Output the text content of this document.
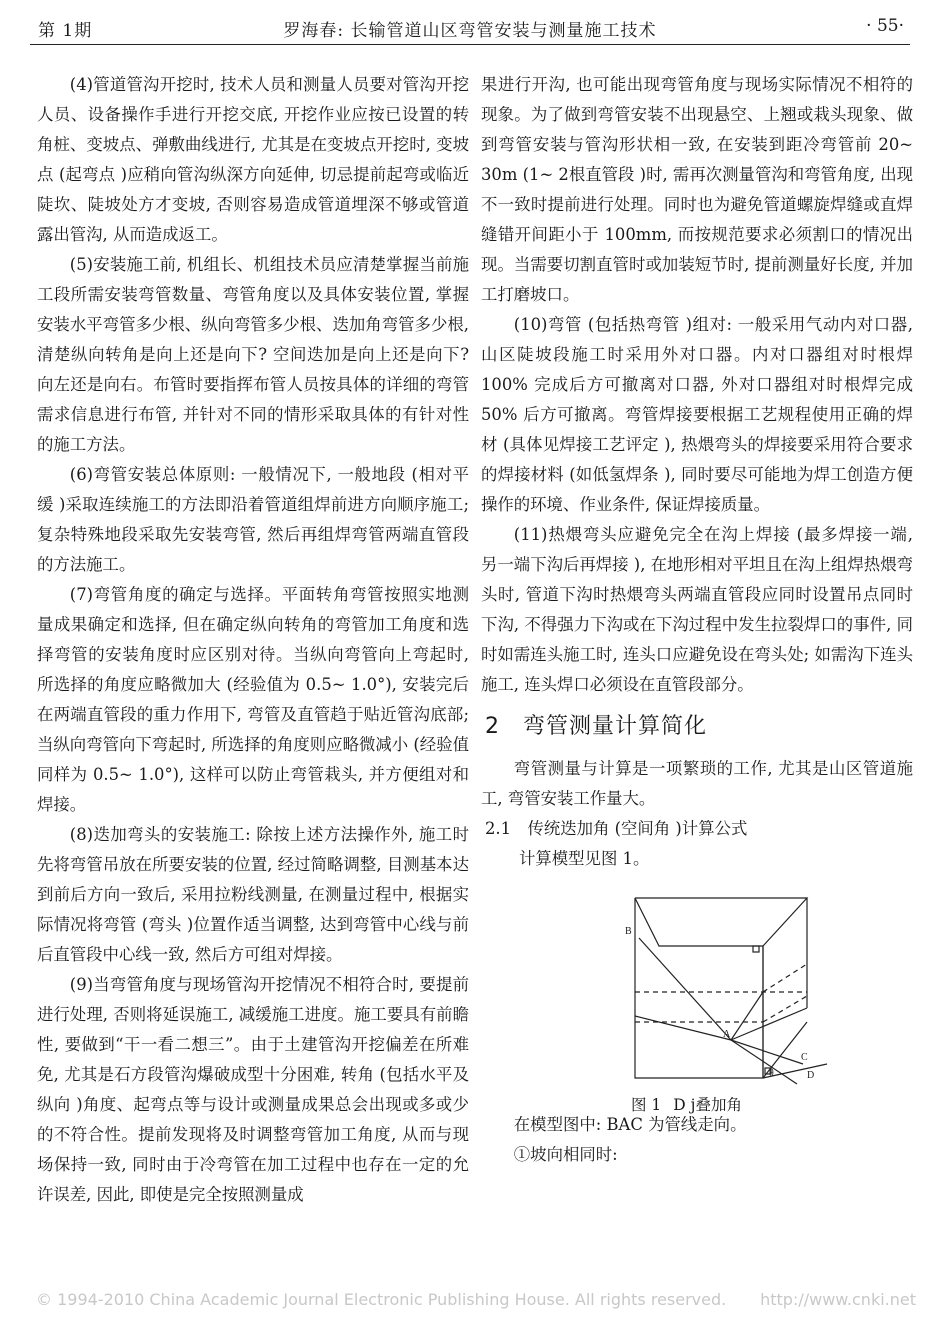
第 1期	罗海春: 长输管道山区弯管安装与测量施工技术	· 55·

(4)管道管沟开挖时, 技术人员和测量人员要对管沟开挖人员、设备操作手进行开挖交底, 开挖作业应按已设置的转角桩、变坡点、弹敷曲线进行, 尤其是在变坡点开挖时, 变坡点 (起弯点 )应稍向管沟纵深方向延伸, 切忌提前起弯或临近陡坎、陡坡处方才变坡, 否则容易造成管道埋深不够或管道露出管沟, 从而造成返工。

(5)安装施工前, 机组长、机组技术员应清楚掌握当前施工段所需安装弯管数量、弯管角度以及具体安装位置, 掌握安装水平弯管多少根、纵向弯管多少根、迭加角弯管多少根, 清楚纵向转角是向上还是向下? 空间迭加是向上还是向下? 向左还是向右。布管时要指挥布管人员按具体的详细的弯管需求信息进行布管, 并针对不同的情形采取具体的有针对性的施工方法。

(6)弯管安装总体原则: 一般情况下, 一般地段 (相对平缓 )采取连续施工的方法即沿着管道组焊前进方向顺序施工; 复杂特殊地段采取先安装弯管, 然后再组焊弯管两端直管段的方法施工。

(7)弯管角度的确定与选择。平面转角弯管按照实地测量成果确定和选择, 但在确定纵向转角的弯管加工角度和选择弯管的安装角度时应区别对待。当纵向弯管向上弯起时, 所选择的角度应略微加大 (经验值为 0.5~ 1.0°), 安装完后在两端直管段的重力作用下, 弯管及直管趋于贴近管沟底部; 当纵向弯管向下弯起时, 所选择的角度则应略微减小 (经验值同样为 0.5~ 1.0°), 这样可以防止弯管栽头, 并方便组对和焊接。

(8)迭加弯头的安装施工: 除按上述方法操作外, 施工时先将弯管吊放在所要安装的位置, 经过简略调整, 目测基本达到前后方向一致后, 采用拉粉线测量, 在测量过程中, 根据实际情况将弯管 (弯头 )位置作适当调整, 达到弯管中心线与前后直管段中心线一致, 然后方可组对焊接。

(9)当弯管角度与现场管沟开挖情况不相符合时, 要提前进行处理, 否则将延误施工, 减缓施工进度。施工要具有前瞻性, 要做到“干一看二想三”。由于土建管沟开挖偏差在所难免, 尤其是石方段管沟爆破成型十分困难, 转角 (包括水平及纵向 )角度、起弯点等与设计或测量成果总会出现或多或少的不符合性。提前发现将及时调整弯管加工角度, 从而与现场保持一致, 同时由于冷弯管在加工过程中也存在一定的允许误差, 因此, 即使是完全按照测量成

果进行开沟, 也可能出现弯管角度与现场实际情况不相符的现象。为了做到弯管安装不出现悬空、上翘或栽头现象、做到弯管安装与管沟形状相一致, 在安装到距冷弯管前 20~ 30m (1~ 2根直管段 )时, 需再次测量管沟和弯管角度, 出现不一致时提前进行处理。同时也为避免管道螺旋焊缝或直焊缝错开间距小于 100mm, 而按规范要求必须割口的情况出现。当需要切割直管时或加装短节时, 提前测量好长度, 并加工打磨坡口。

(10)弯管 (包括热弯管 )组对: 一般采用气动内对口器, 山区陡坡段施工时采用外对口器。内对口器组对时根焊 100% 完成后方可撤离对口器, 外对口器组对时根焊完成 50% 后方可撤离。弯管焊接要根据工艺规程使用正确的焊材 (具体见焊接工艺评定 ), 热煨弯头的焊接要采用符合要求的焊接材料 (如低氢焊条 ), 同时要尽可能地为焊工创造方便操作的环境、作业条件, 保证焊接质量。

(11)热煨弯头应避免完全在沟上焊接 (最多焊接一端, 另一端下沟后再焊接 ), 在地形相对平坦且在沟上组焊热煨弯头时, 管道下沟时热煨弯头两端直管段应同时设置吊点同时下沟, 不得强力下沟或在下沟过程中发生拉裂焊口的事件, 同时如需连头施工时, 连头口应避免设在弯头处; 如需沟下连头施工, 连头焊口必须设在直管段部分。

2　弯管测量计算简化

弯管测量与计算是一项繁琐的工作, 尤其是山区管道施工, 弯管安装工作量大。

2.1　传统迭加角 (空间角 )计算公式
计算模型见图 1。
B
A
C
D
θ
图 1 D j叠加角

在模型图中: BAC 为管线走向。

①坡向相同时:

© 1994-2010 China Academic Journal Electronic Publishing House. All rights reserved. http://www.cnki.net
